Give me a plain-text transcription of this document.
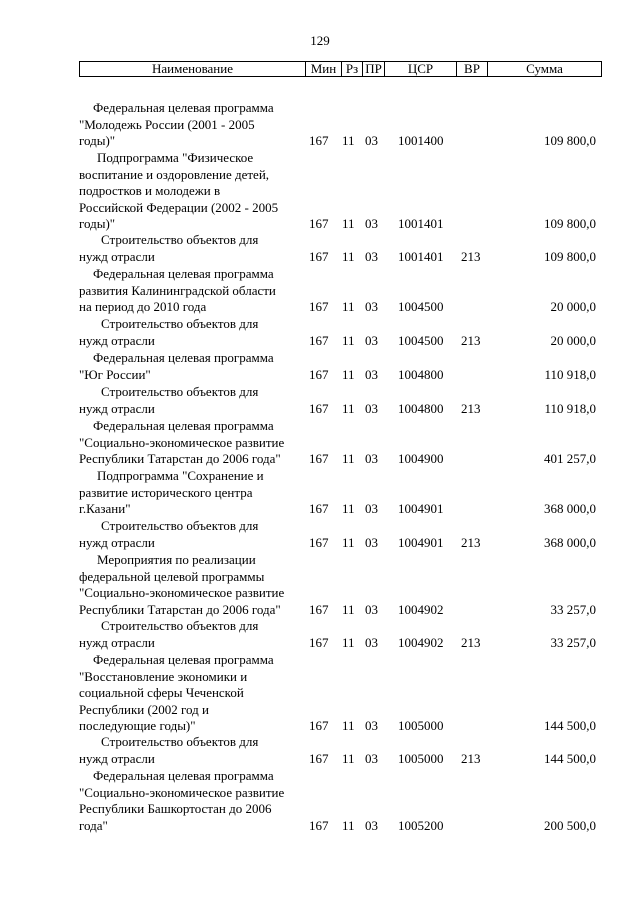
129
Наименование	Мин Рз ПР	ЦСР	ВР	Сумма
Федеральная целевая программа
"Молодежь России (2001 - 2005
годы)"	167 11 03 1001400	109 800,0
Подпрограмма "Физическое
воспитание и оздоровление детей,
подростков и молодежи в
Российской Федерации (2002 - 2005
годы)"	167 11 03 1001401	109 800,0
Строительство объектов для
нужд отрасли	167 11 03 1001401 213	109 800,0
Федеральная целевая программа
развития Калининградской области
на период до 2010 года	167 11 03 1004500	20 000,0
Строительство объектов для
нужд отрасли	167 11 03 1004500 213	20 000,0
Федеральная целевая программа
"Юг России"	167 11 03 1004800	110 918,0
Строительство объектов для
нужд отрасли	167 11 03 1004800 213	110 918,0
Федеральная целевая программа
"Социально-экономическое развитие
Республики Татарстан до 2006 года"	167 11 03 1004900	401 257,0
Подпрограмма "Сохранение и
развитие исторического центра
г.Казани"	167 11 03 1004901	368 000,0
Строительство объектов для
нужд отрасли	167 11 03 1004901 213	368 000,0
Мероприятия по реализации
федеральной целевой программы
"Социально-экономическое развитие
Республики Татарстан до 2006 года"	167 11 03 1004902	33 257,0
Строительство объектов для
нужд отрасли	167 11 03 1004902 213	33 257,0
Федеральная целевая программа
"Восстановление экономики и
социальной сферы Чеченской
Республики (2002 год и
последующие годы)"	167 11 03 1005000	144 500,0
Строительство объектов для
нужд отрасли	167 11 03 1005000 213	144 500,0
Федеральная целевая программа
"Социально-экономическое развитие
Республики Башкортостан до 2006
года"	167 11 03 1005200	200 500,0
